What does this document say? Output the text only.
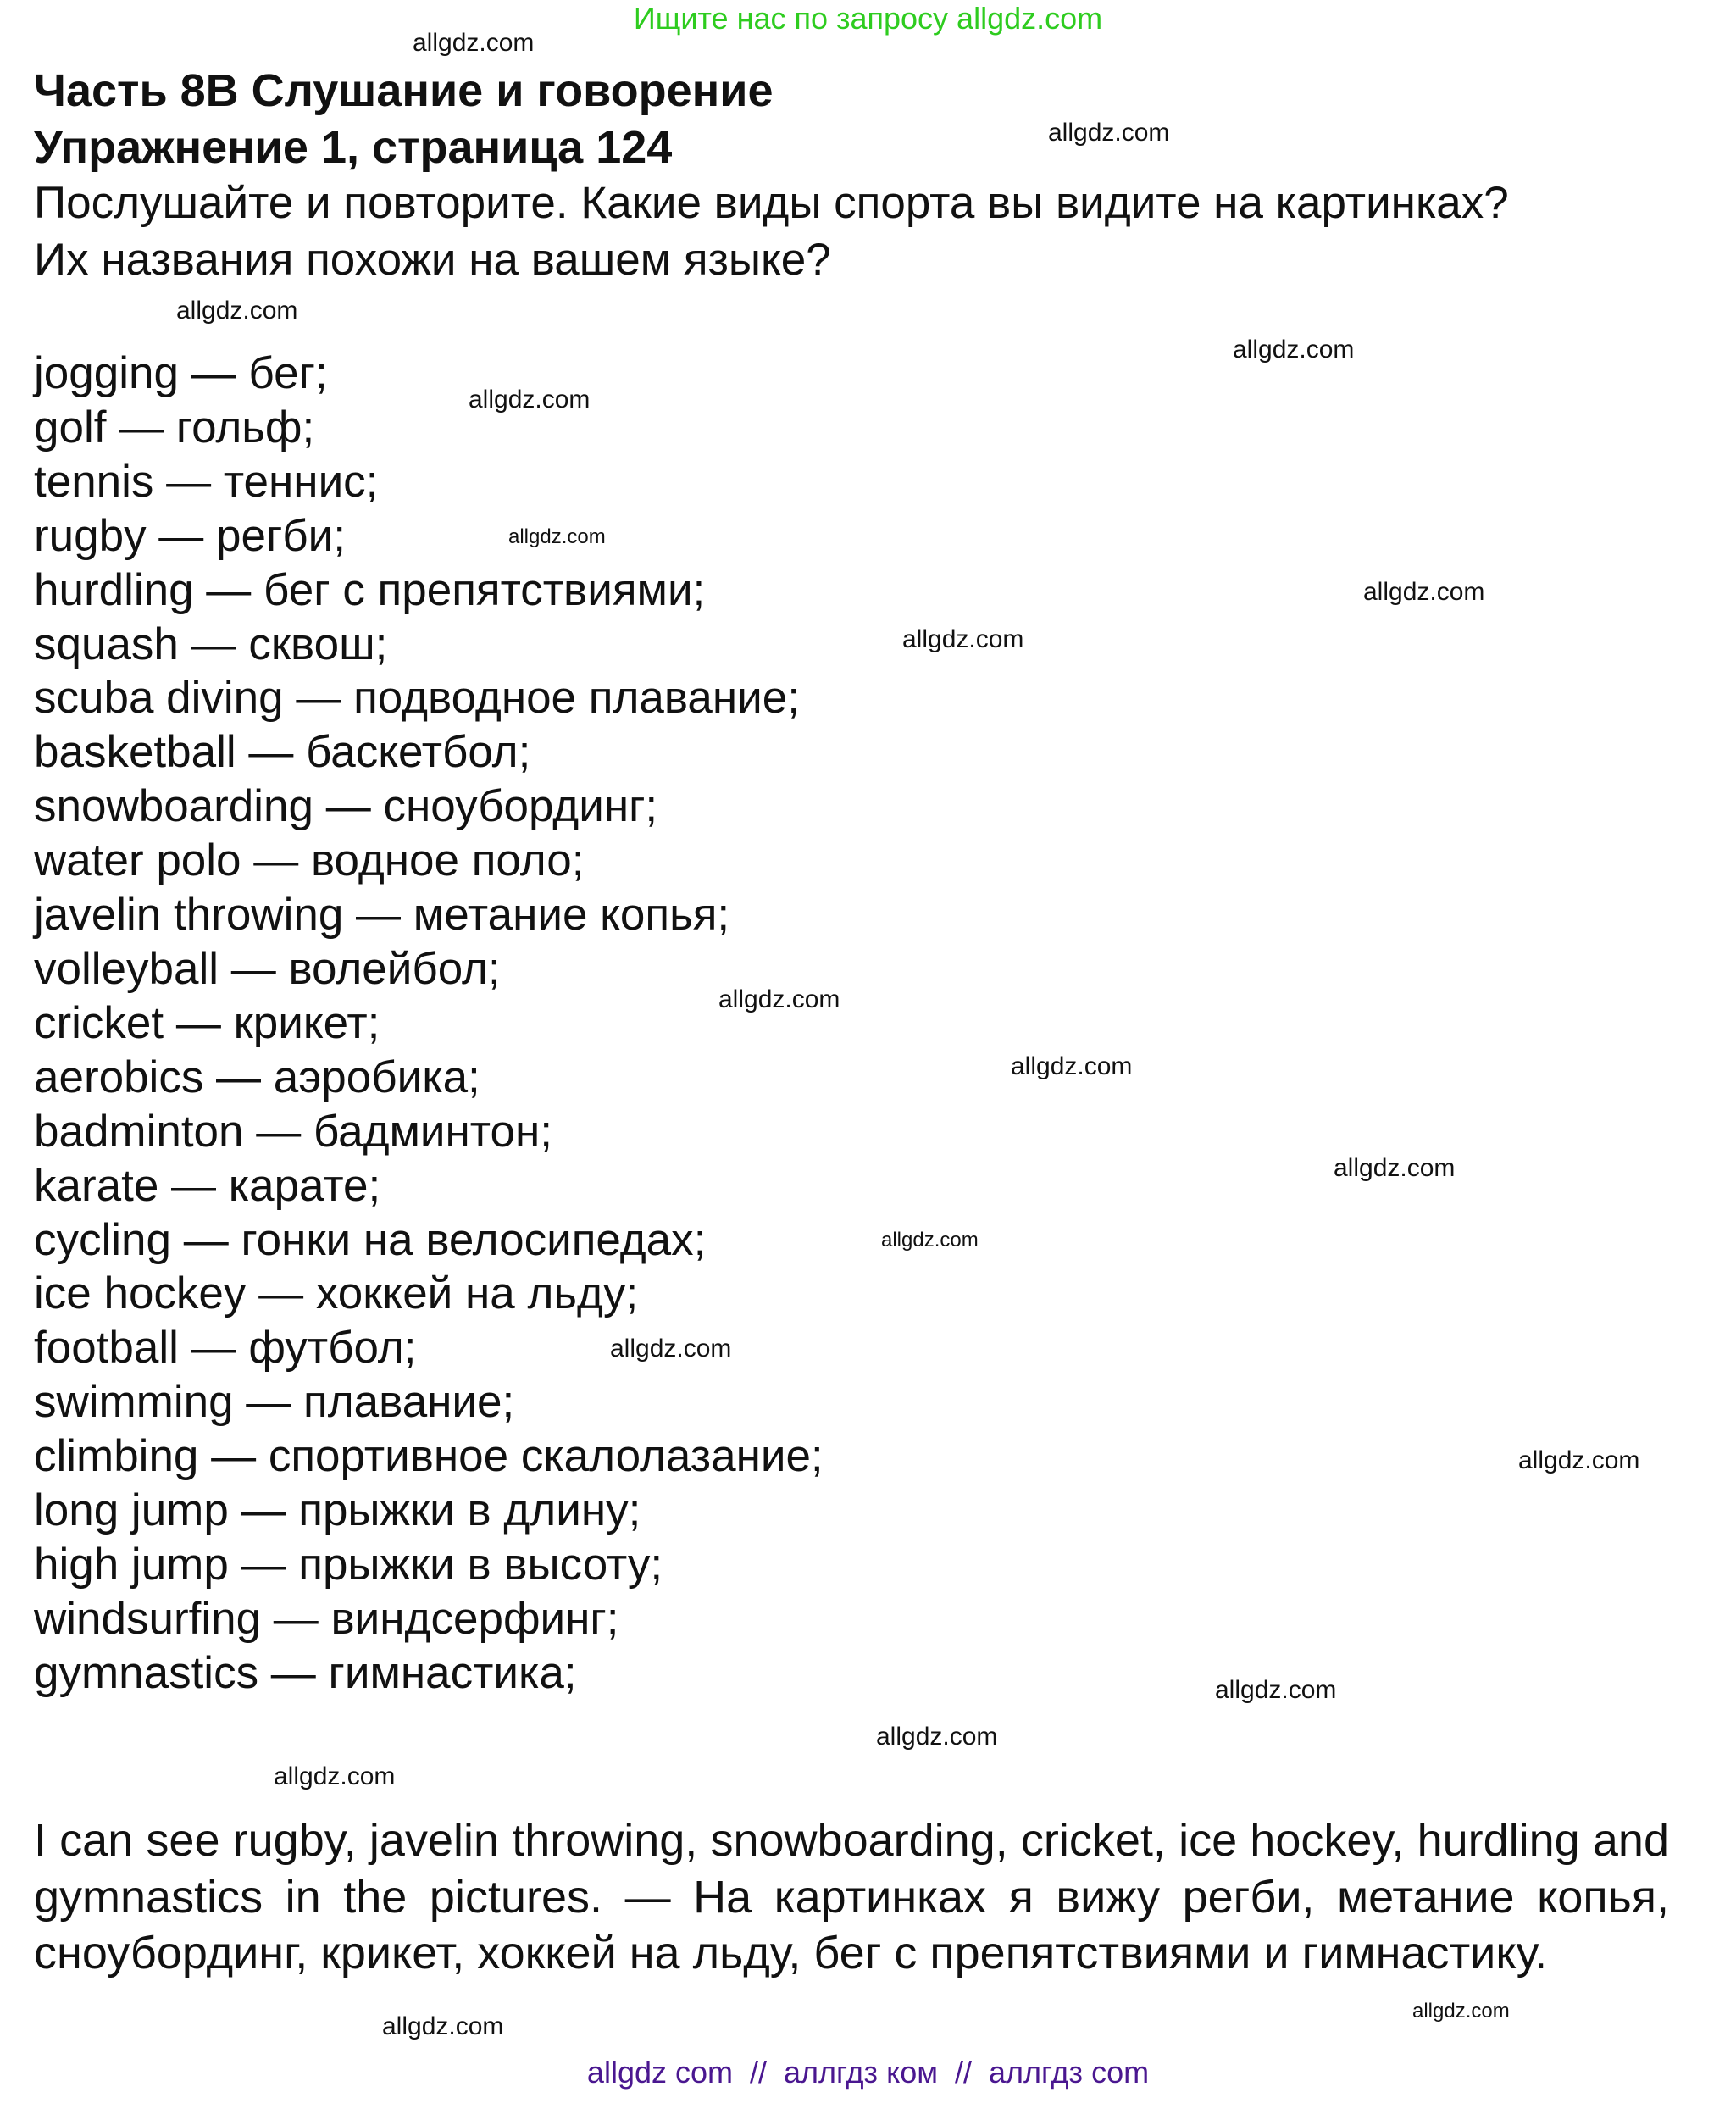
Ищите нас по запросу allgdz.com

Часть 8B Слушание и говорение

Упражнение 1, страница 124

Послушайте и повторите. Какие виды спорта вы видите на картинках?

Их названия похожи на вашем языке?

jogging — бег;
golf — гольф;
tennis — теннис;
rugby — регби;
hurdling — бег с препятствиями;
squash — сквош;
scuba diving — подводное плавание;
basketball — баскетбол;
snowboarding — сноубординг;
water polo — водное поло;
javelin throwing — метание копья;
volleyball — волейбол;
cricket — крикет;
aerobics — аэробика;
badminton — бадминтон;
karate — карате;
cycling — гонки на велосипедах;
ice hockey — хоккей на льду;
football — футбол;
swimming — плавание;
climbing — спортивное скалолазание;
long jump — прыжки в длину;
high jump — прыжки в высоту;
windsurfing — виндсерфинг;
gymnastics — гимнастика;

I can see rugby, javelin throwing, snowboarding, cricket, ice hockey, hurdling and gymnastics in the pictures. — На картинках я вижу регби, метание копья, сноубординг, крикет, хоккей на льду, бег с препятствиями и гимнастику.

allgdz.com
allgdz.com
allgdz.com
allgdz.com
allgdz.com
allgdz.com
allgdz.com
allgdz.com
allgdz.com
allgdz.com
allgdz.com
allgdz.com
allgdz.com
allgdz.com
allgdz.com
allgdz.com
allgdz.com
allgdz.com
allgdz.com
allgdz com  //  аллгдз ком  //  аллгдз com
